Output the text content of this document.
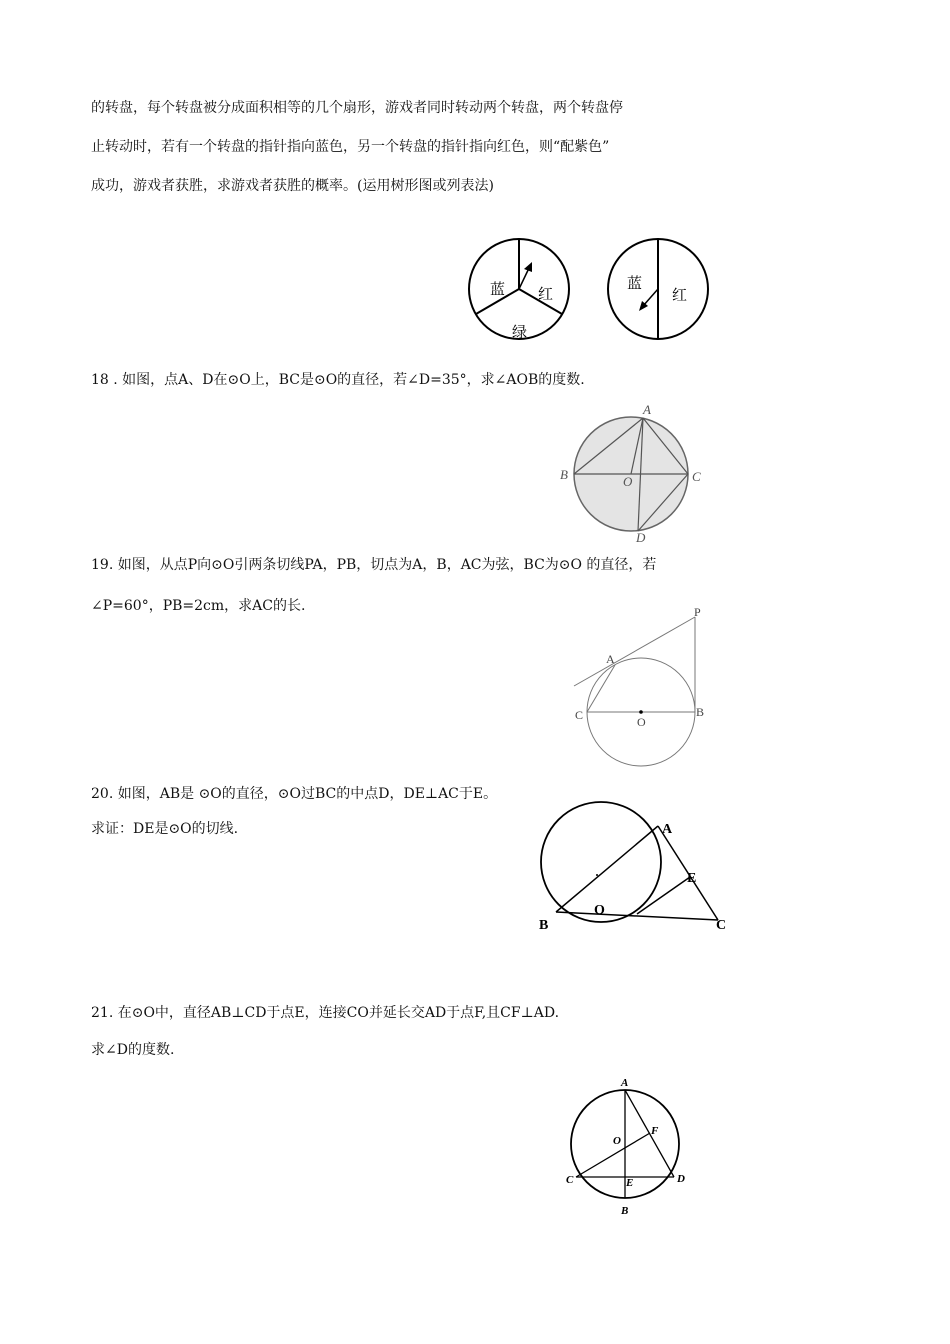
的转盘，每个转盘被分成面积相等的几个扇形，游戏者同时转动两个转盘，两个转盘停
止转动时，若有一个转盘的指针指向蓝色，另一个转盘的指针指向红色，则“配紫色”
成功，游戏者获胜，求游戏者获胜的概率。(运用树形图或列表法)
蓝 红
绿
蓝
红
18 . 如图，点A、D在⊙O上，BC是⊙O的直径，若∠D=35°，求∠AOB的度数.
A
B	C
O
D
19. 如图，从点P向⊙O引两条切线PA，PB，切点为A，B，AC为弦，BC为⊙O 的直径，若
∠P=60°，PB=2cm，求AC的长.	P
A
C	O
B
20. 如图，AB是 ⊙O的直径，⊙O过BC的中点D，DE⊥AC于E。
求证：DE是⊙O的切线.	A
E
O
B	C
21. 在⊙O中，直径AB⊥CD于点E，连接CO并延长交AD于点F,且CF⊥AD.
求∠D的度数.
A
O
F
C	E	D
B
